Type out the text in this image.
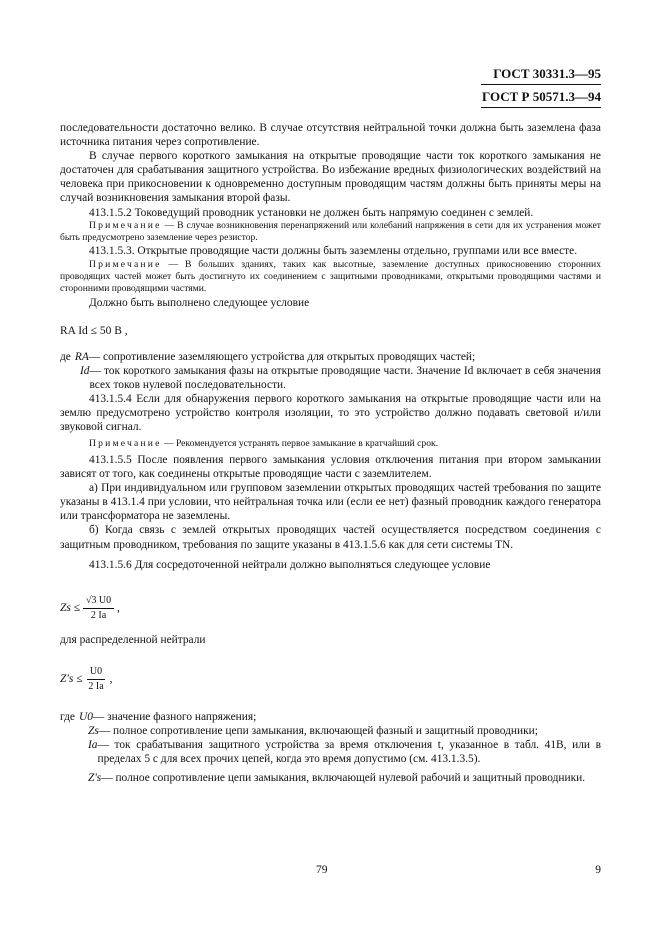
ГОСТ 30331.3—95
ГОСТ Р 50571.3—94

последовательности достаточно велико. В случае отсутствия нейтральной точки должна быть заземлена фаза источника питания через сопротивление.

В случае первого короткого замыкания на открытые проводящие части ток короткого замыкания не достаточен для срабатывания защитного устройства. Во избежание вредных физиологических воздействий на человека при прикосновении к одновременно доступным проводящим частям должны быть приняты меры на случай возникновения замыкания второй фазы.

413.1.5.2 Токоведущий проводник установки не должен быть напрямую соединен с землей.

Примечание — В случае возникновения перенапряжений или колебаний напряжения в сети для их устранения может быть предусмотрено заземление через резистор.

413.1.5.3. Открытые проводящие части должны быть заземлены отдельно, группами или все вместе.

Примечание — В больших зданиях, таких как высотные, заземление доступных прикосновению сторонних проводящих частей может быть достигнуто их соединением с защитными проводниками, открытыми проводящими частями и сторонними проводящими частями.

Должно быть выполнено следующее условие

RA Id ≤ 50 В ,

де RA — сопротивление заземляющего устройства для открытых проводящих частей;

Id — ток короткого замыкания фазы на открытые проводящие части. Значение Id включает в себя значения всех токов нулевой последовательности.

413.1.5.4 Если для обнаружения первого короткого замыкания на открытые проводящие части или на землю предусмотрено устройство контроля изоляции, то это устройство должно подавать световой и/или звуковой сигнал.

Примечание — Рекомендуется устранять первое замыкание в кратчайший срок.

413.1.5.5 После появления первого замыкания условия отключения питания при втором замыкании зависят от того, как соединены открытые проводящие части с заземлителем.

а) При индивидуальном или групповом заземлении открытых проводящих частей требования по защите указаны в 413.1.4 при условии, что нейтральная точка или (если ее нет) фазный проводник каждого генератора или трансформатора не заземлены.

б) Когда связь с землей открытых проводящих частей осуществляется посредством соединения с защитным проводником, требования по защите указаны в 413.1.5.6 как для сети системы TN.

413.1.5.6 Для сосредоточенной нейтрали должно выполняться следующее условие

$Zs \le \frac{√3 U0}{2 Ia}$ ,

для распределенной нейтрали

$Z's \le \frac{U0}{2 Ia}$ ,

где U0 — значение фазного напряжения;

Zs — полное сопротивление цепи замыкания, включающей фазный и защитный проводники;

Ia — ток срабатывания защитного устройства за время отключения t, указанное в табл. 41В, или в пределах 5 с для всех прочих цепей, когда это время допустимо (см. 413.1.3.5).

Z's — полное сопротивление цепи замыкания, включающей нулевой рабочий и защитный проводники.

79	9
